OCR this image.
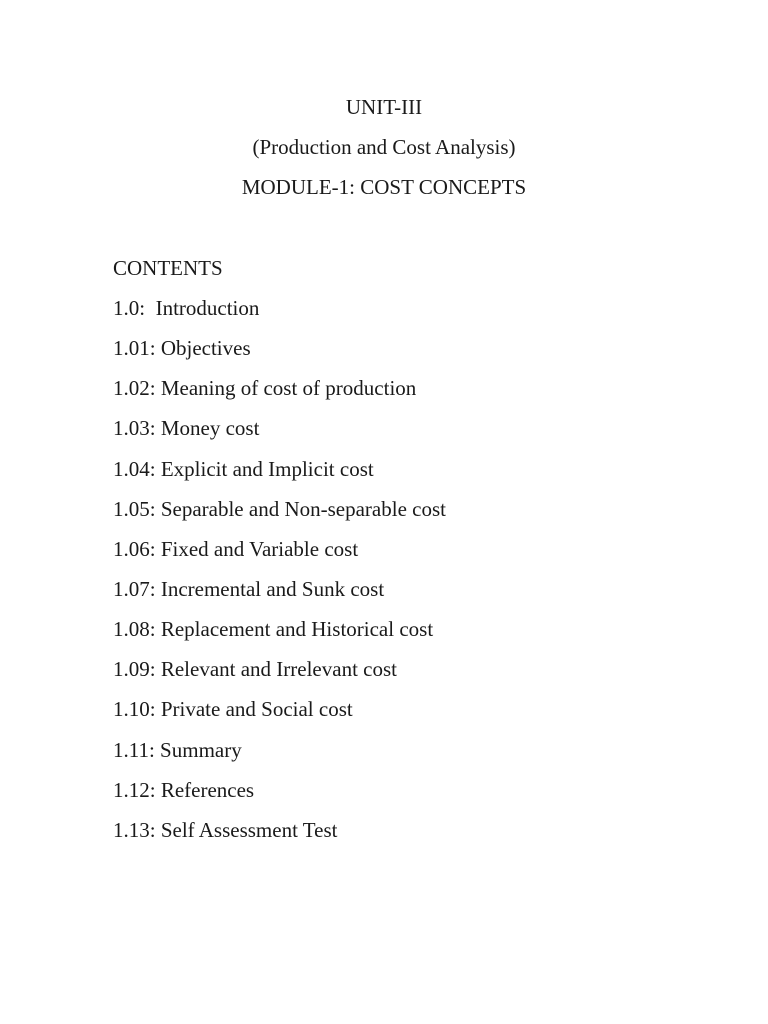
UNIT-III
(Production and Cost Analysis)
MODULE-1: COST CONCEPTS

CONTENTS

1.0:  Introduction
1.01: Objectives
1.02: Meaning of cost of production
1.03: Money cost
1.04: Explicit and Implicit cost
1.05: Separable and Non-separable cost
1.06: Fixed and Variable cost
1.07: Incremental and Sunk cost
1.08: Replacement and Historical cost
1.09: Relevant and Irrelevant cost
1.10: Private and Social cost
1.11: Summary
1.12: References
1.13: Self Assessment Test
